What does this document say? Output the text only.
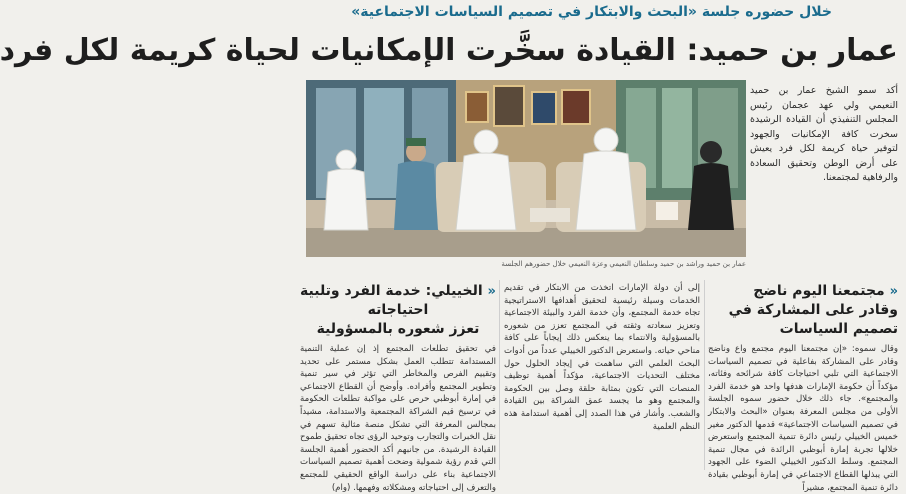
خلال حضوره جلسة «البحث والابتكار في تصميم السياسات الاجتماعية»
عمار بن حميد: القيادة سخَّرت الإمكانيات لحياة كريمة لكل فرد
أكد سمو الشيخ عمار بن حميد النعيمي ولي عهد عجمان رئيس المجلس التنفيذي أن القيادة الرشيدة سخرت كافة الإمكانيات والجهود لتوفير حياة كريمة لكل فرد يعيش على أرض الوطن وتحقيق السعادة والرفاهية لمجتمعنا.
عمار بن حميد وراشد بن حميد وسلطان النعيمي وعزة النعيمي خلال حضورهم الجلسة
« مجتمعنا اليوم ناضج
وقادر على المشاركة في تصميم السياسات
وقال سموه: «إن مجتمعنا اليوم مجتمع واع وناضج وقادر على المشاركة بفاعلية في تصميم السياسات الاجتماعية التي تلبي احتياجات كافة شرائحه وفئاته، مؤكداً أن حكومة الإمارات هدفها واحد هو خدمة الفرد والمجتمع». جاء ذلك خلال حضور سموه الجلسة الأولى من مجلس المعرفة بعنوان «البحث والابتكار في تصميم السياسات الاجتماعية» قدمها الدكتور مغير خميس الخييلي رئيس دائرة تنمية المجتمع واستعرض خلالها تجربة إمارة أبوظبي الرائدة في مجال تنمية المجتمع. وسلط الدكتور الخييلي الضوء على الجهود التي يبذلها القطاع الاجتماعي في إمارة أبوظبي بقيادة دائرة تنمية المجتمع، مشيراً
إلى أن دولة الإمارات اتخذت من الابتكار في تقديم الخدمات وسيلة رئيسية لتحقيق أهدافها الاستراتيجية تجاه خدمة المجتمع، وأن خدمة الفرد والبيئة الاجتماعية وتعزيز سعادته وثقته في المجتمع تعزز من شعوره بالمسؤولية والانتماء بما ينعكس ذلك إيجاباً على كافة مناحي حياته. واستعرض الدكتور الخييلي عدداً من أدوات البحث العلمي التي ساهمت في إيجاد الحلول حول مختلف التحديات الاجتماعية، مؤكداً أهمية توظيف المنصات التي تكون بمثابة حلقة وصل بين الحكومة والمجتمع وهو ما يجسد عمق الشراكة بين القيادة والشعب. وأشار في هذا الصدد إلى أهمية استدامة هذه النظم العلمية
« الخييلي: خدمة الفرد وتلبية احتياجاته
تعزز شعوره بالمسؤولية
في تحقيق تطلعات المجتمع إذ إن عملية التنمية المستدامة تتطلب العمل بشكل مستمر على تحديد وتقييم الفرص والمخاطر التي تؤثر في سير تنمية وتطوير المجتمع وأفراده. وأوضح أن القطاع الاجتماعي في إمارة أبوظبي حرص على مواكبة تطلعات الحكومة في ترسيخ قيم الشراكة المجتمعية والاستدامة، مشيداً بمجالس المعرفة التي تشكل منصة مثالية تسهم في نقل الخبرات والتجارب وتوحيد الرؤى تجاه تحقيق طموح القيادة الرشيدة. من جانبهم أكد الحضور أهمية الجلسة التي قدم رؤية شمولية وضحت أهمية تصميم السياسات الاجتماعية بناء على دراسة الواقع الحقيقي للمجتمع والتعرف إلى احتياجاته ومشكلاته وفهمها. (وام)
